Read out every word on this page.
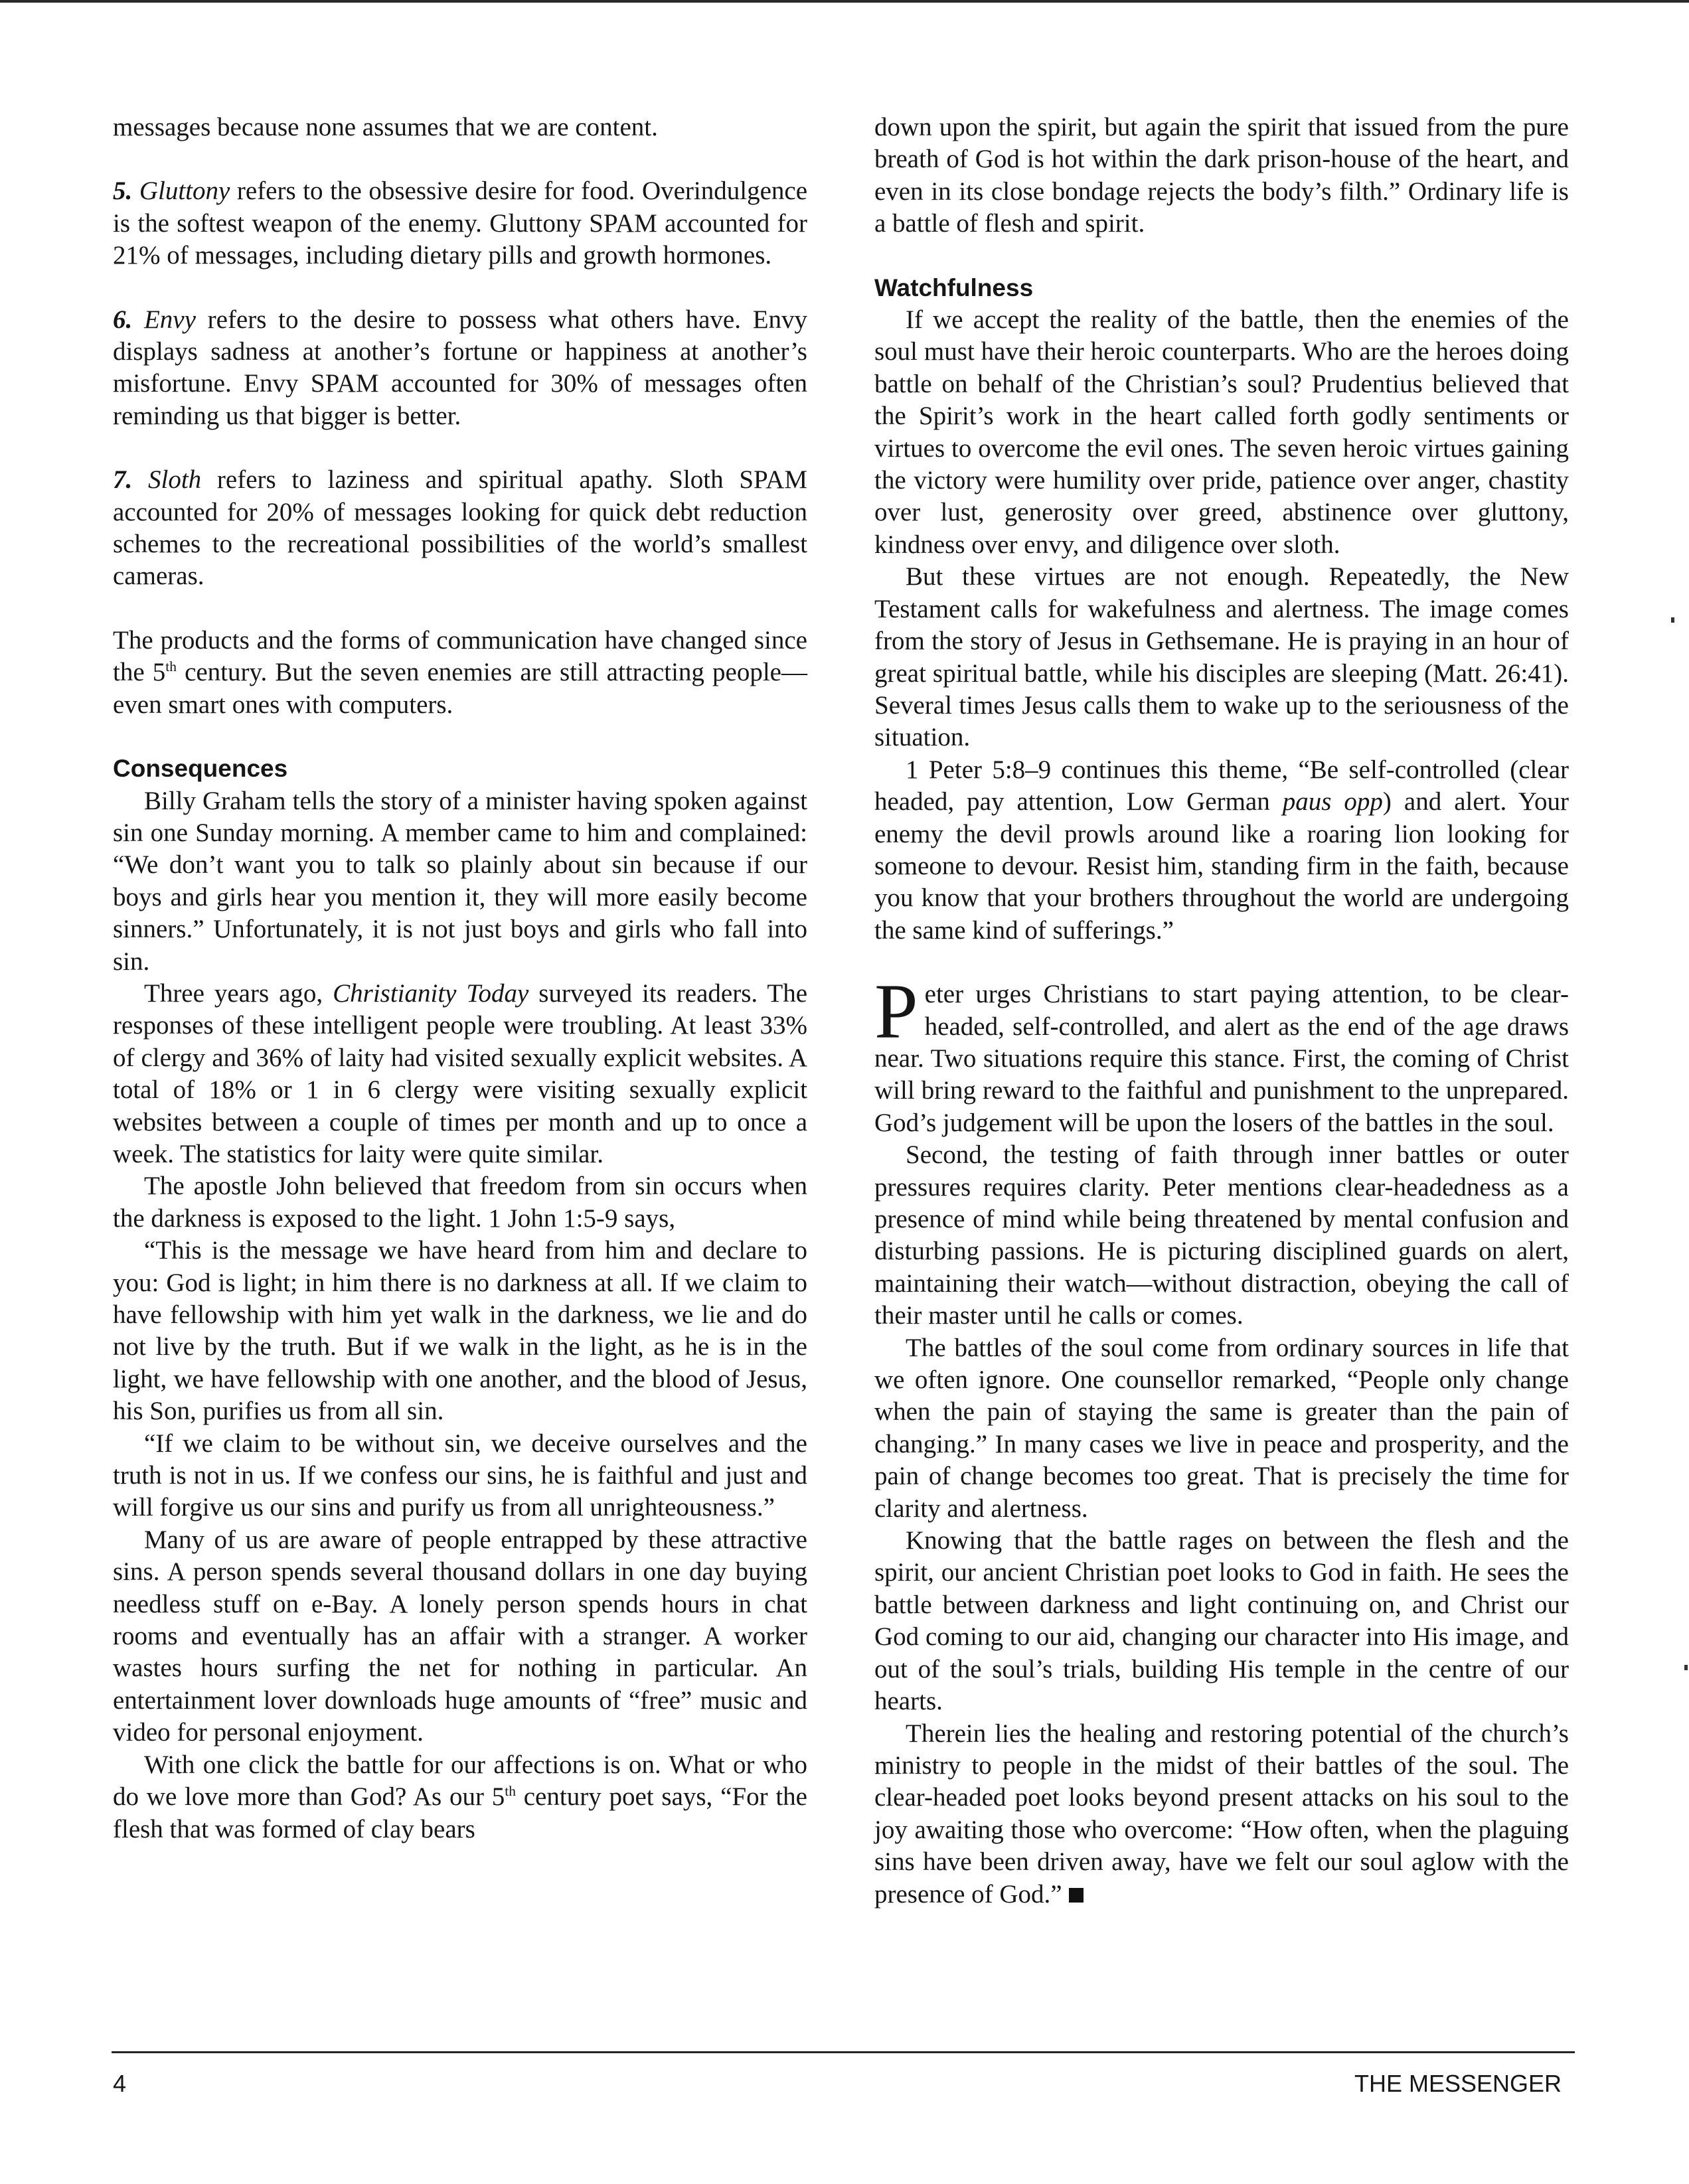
messages because none assumes that we are content.

5. Gluttony refers to the obsessive desire for food. Overindulgence is the softest weapon of the enemy. Gluttony SPAM accounted for 21% of messages, including dietary pills and growth hormones.

6. Envy refers to the desire to possess what others have. Envy displays sadness at another’s fortune or happiness at another’s misfortune. Envy SPAM accounted for 30% of messages often reminding us that bigger is better.

7. Sloth refers to laziness and spiritual apathy. Sloth SPAM accounted for 20% of messages looking for quick debt reduction schemes to the recreational possibilities of the world’s smallest cameras.

The products and the forms of communication have changed since the 5th century. But the seven enemies are still attracting people—even smart ones with computers.

Consequences

Billy Graham tells the story of a minister having spoken against sin one Sunday morning. A member came to him and complained: “We don’t want you to talk so plainly about sin because if our boys and girls hear you mention it, they will more easily become sinners.” Unfortunately, it is not just boys and girls who fall into sin.

Three years ago, Christianity Today surveyed its readers. The responses of these intelligent people were troubling. At least 33% of clergy and 36% of laity had visited sexually explicit websites. A total of 18% or 1 in 6 clergy were visiting sexually explicit websites between a couple of times per month and up to once a week. The statistics for laity were quite similar.

The apostle John believed that freedom from sin occurs when the darkness is exposed to the light. 1 John 1:5-9 says,

“This is the message we have heard from him and declare to you: God is light; in him there is no darkness at all. If we claim to have fellowship with him yet walk in the darkness, we lie and do not live by the truth. But if we walk in the light, as he is in the light, we have fellowship with one another, and the blood of Jesus, his Son, purifies us from all sin.

“If we claim to be without sin, we deceive ourselves and the truth is not in us. If we confess our sins, he is faithful and just and will forgive us our sins and purify us from all unrighteousness.”

Many of us are aware of people entrapped by these attractive sins. A person spends several thousand dollars in one day buying needless stuff on e-Bay. A lonely person spends hours in chat rooms and eventually has an affair with a stranger. A worker wastes hours surfing the net for nothing in particular. An entertainment lover downloads huge amounts of “free” music and video for personal enjoyment.

With one click the battle for our affections is on. What or who do we love more than God? As our 5th century poet says, “For the flesh that was formed of clay bears

down upon the spirit, but again the spirit that issued from the pure breath of God is hot within the dark prison-house of the heart, and even in its close bondage rejects the body’s filth.” Ordinary life is a battle of flesh and spirit.

Watchfulness

If we accept the reality of the battle, then the enemies of the soul must have their heroic counterparts. Who are the heroes doing battle on behalf of the Christian’s soul? Prudentius believed that the Spirit’s work in the heart called forth godly sentiments or virtues to overcome the evil ones. The seven heroic virtues gaining the victory were humility over pride, patience over anger, chastity over lust, generosity over greed, abstinence over gluttony, kindness over envy, and diligence over sloth.

But these virtues are not enough. Repeatedly, the New Testament calls for wakefulness and alertness. The image comes from the story of Jesus in Gethsemane. He is praying in an hour of great spiritual battle, while his disciples are sleeping (Matt. 26:41). Several times Jesus calls them to wake up to the seriousness of the situation.

1 Peter 5:8–9 continues this theme, “Be self-controlled (clear headed, pay attention, Low German paus opp) and alert. Your enemy the devil prowls around like a roaring lion looking for someone to devour. Resist him, standing firm in the faith, because you know that your brothers throughout the world are undergoing the same kind of sufferings.”

Peter urges Christians to start paying attention, to be clear-headed, self-controlled, and alert as the end of the age draws near. Two situations require this stance. First, the coming of Christ will bring reward to the faithful and punishment to the unprepared. God’s judgement will be upon the losers of the battles in the soul.

Second, the testing of faith through inner battles or outer pressures requires clarity. Peter mentions clear-headedness as a presence of mind while being threatened by mental confusion and disturbing passions. He is picturing disciplined guards on alert, maintaining their watch—without distraction, obeying the call of their master until he calls or comes.

The battles of the soul come from ordinary sources in life that we often ignore. One counsellor remarked, “People only change when the pain of staying the same is greater than the pain of changing.” In many cases we live in peace and prosperity, and the pain of change becomes too great. That is precisely the time for clarity and alertness.

Knowing that the battle rages on between the flesh and the spirit, our ancient Christian poet looks to God in faith. He sees the battle between darkness and light continuing on, and Christ our God coming to our aid, changing our character into His image, and out of the soul’s trials, building His temple in the centre of our hearts.

Therein lies the healing and restoring potential of the church’s ministry to people in the midst of their battles of the soul. The clear-headed poet looks beyond present attacks on his soul to the joy awaiting those who overcome: “How often, when the plaguing sins have been driven away, have we felt our soul aglow with the presence of God.”

4	THE MESSENGER
